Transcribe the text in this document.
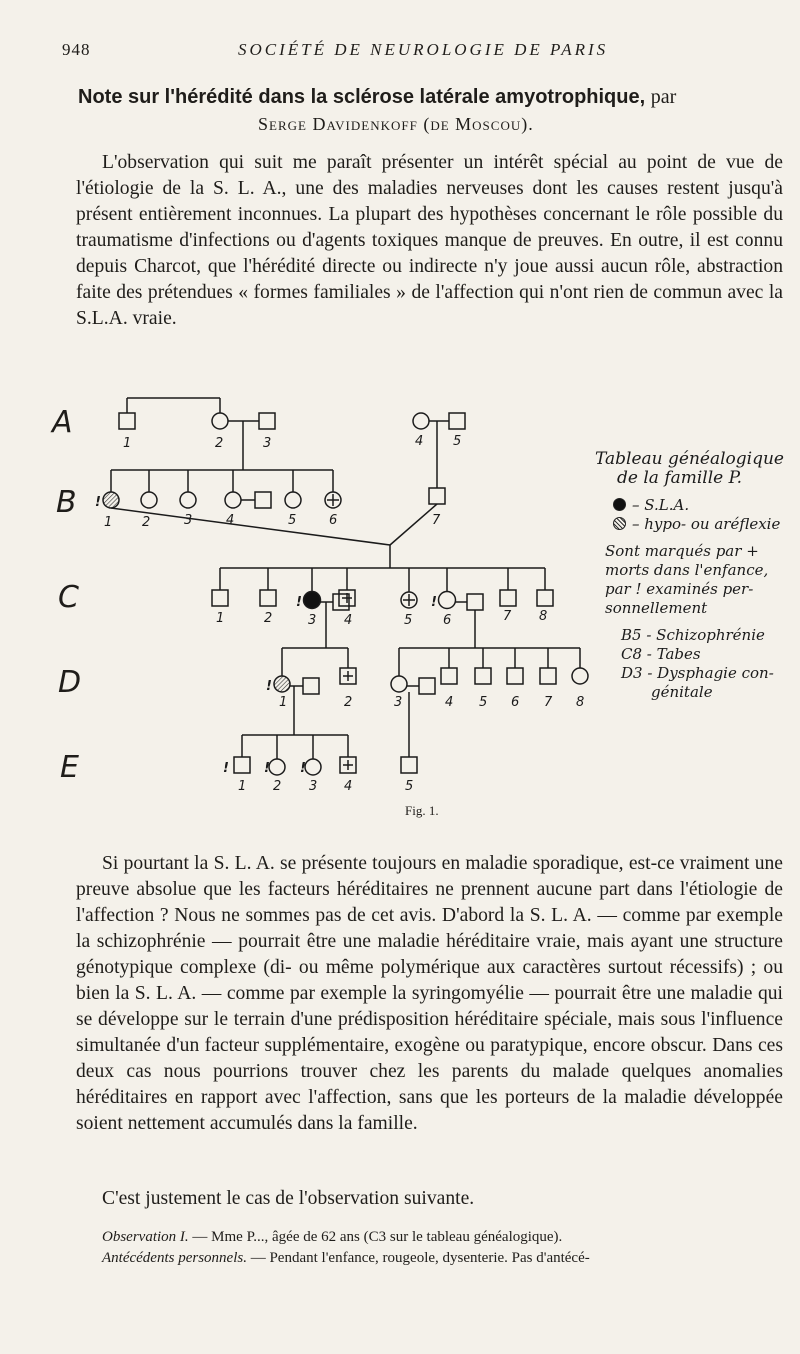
948	SOCIÉTÉ DE NEUROLOGIE DE PARIS
Note sur l'hérédité dans la sclérose latérale amyotrophique, par
Serge Davidenkoff (de Moscou).
L'observation qui suit me paraît présenter un intérêt spécial au point de vue de l'étiologie de la S. L. A., une des maladies nerveuses dont les causes restent jusqu'à présent entièrement inconnues. La plupart des hypothèses concernant le rôle possible du traumatisme d'infections ou d'agents toxiques manque de preuves. En outre, il est connu depuis Charcot, que l'hérédité directe ou indirecte n'y joue aussi aucun rôle, abstraction faite des prétendues « formes familiales » de l'affection qui n'ont rien de commun avec la S.L.A. vraie.
A
B
C
D
E
!
!	!
!
!	! !
1	2	3	4 5
1 2	3	4	5	6	7
1	2	3 4	5 6	7 8
1	2	3	4 5 6 7 8
1 2 3 4	5
Tableau généalogique
de la famille P.
– S.L.A.
– hypo- ou aréflexie
Sont marqués par +
morts dans l'enfance,
par ! examinés per-
sonnellement
B5 - Schizophrénie
C8 - Tabes
D3 - Dysphagie con-
génitale
Fig. 1.
Si pourtant la S. L. A. se présente toujours en maladie sporadique, est-ce vraiment une preuve absolue que les facteurs héréditaires ne prennent aucune part dans l'étiologie de l'affection ? Nous ne sommes pas de cet avis. D'abord la S. L. A. — comme par exemple la schizophrénie — pourrait être une maladie héréditaire vraie, mais ayant une structure génotypique complexe (di- ou même polymérique aux caractères surtout récessifs) ; ou bien la S. L. A. — comme par exemple la syringomyélie — pourrait être une maladie qui se développe sur le terrain d'une prédisposition héréditaire spéciale, mais sous l'influence simultanée d'un facteur supplémentaire, exogène ou paratypique, encore obscur. Dans ces deux cas nous pourrions trouver chez les parents du malade quelques anomalies héréditaires en rapport avec l'affection, sans que les porteurs de la maladie développée soient nettement accumulés dans la famille.
C'est justement le cas de l'observation suivante.
Observation I. — Mme P..., âgée de 62 ans (C3 sur le tableau généalogique).
Antécédents personnels. — Pendant l'enfance, rougeole, dysenterie. Pas d'antécé-
